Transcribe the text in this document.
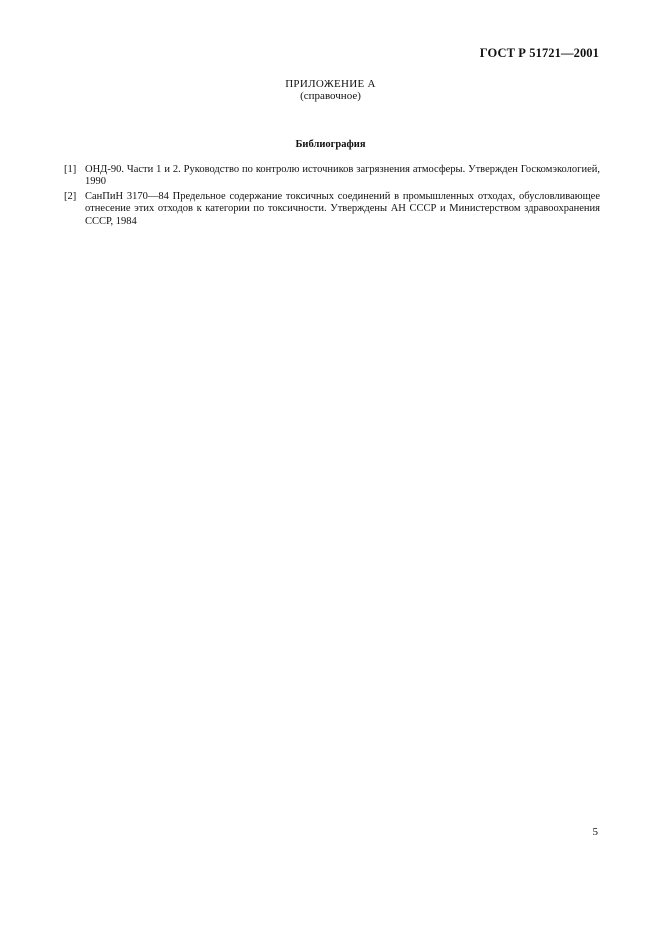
ГОСТ Р 51721—2001
ПРИЛОЖЕНИЕ А
(справочное)
Библиография
[1] ОНД-90. Части 1 и 2. Руководство по контролю источников загрязнения атмосферы. Утвержден Госкомэкологией, 1990
[2] СанПиН 3170—84 Предельное содержание токсичных соединений в промышленных отходах, обусловливающее отнесение этих отходов к категории по токсичности. Утверждены АН СССР и Министерством здравоохранения СССР, 1984
5
